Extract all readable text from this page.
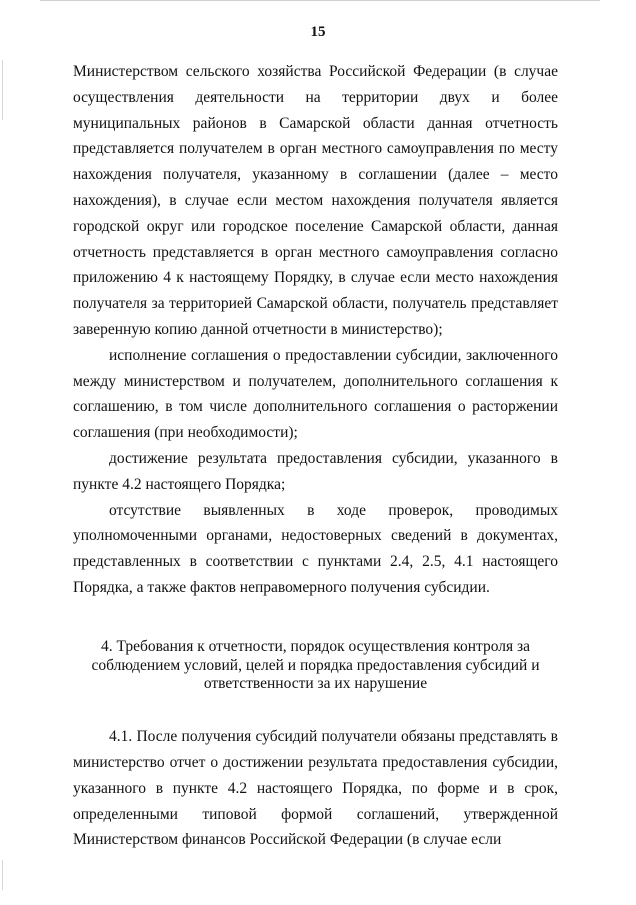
15

Министерством сельского хозяйства Российской Федерации (в случае осуществления деятельности на территории двух и более муниципальных районов в Самарской области данная отчетность представляется получателем в орган местного самоуправления по месту нахождения получателя, указанному в соглашении (далее – место нахождения), в случае если местом нахождения получателя является городской округ или городское поселение Самарской области, данная отчетность представляется в орган местного самоуправления согласно приложению 4 к настоящему Порядку, в случае если место нахождения получателя за территорией Самарской области, получатель представляет заверенную копию данной отчетности в министерство);

исполнение соглашения о предоставлении субсидии, заключенного между министерством и получателем, дополнительного соглашения к соглашению, в том числе дополнительного соглашения о расторжении соглашения (при необходимости);

достижение результата предоставления субсидии, указанного в пункте 4.2 настоящего Порядка;

отсутствие выявленных в ходе проверок, проводимых уполномоченными органами, недостоверных сведений в документах, представленных в соответствии с пунктами 2.4, 2.5, 4.1 настоящего Порядка, а также фактов неправомерного получения субсидии.

4. Требования к отчетности, порядок осуществления контроля за
соблюдением условий, целей и порядка предоставления субсидий и
ответственности за их нарушение

4.1. После получения субсидий получатели обязаны представлять в министерство отчет о достижении результата предоставления субсидии, указанного в пункте 4.2 настоящего Порядка, по форме и в срок, определенными типовой формой соглашений, утвержденной Министерством финансов Российской Федерации (в случае если
